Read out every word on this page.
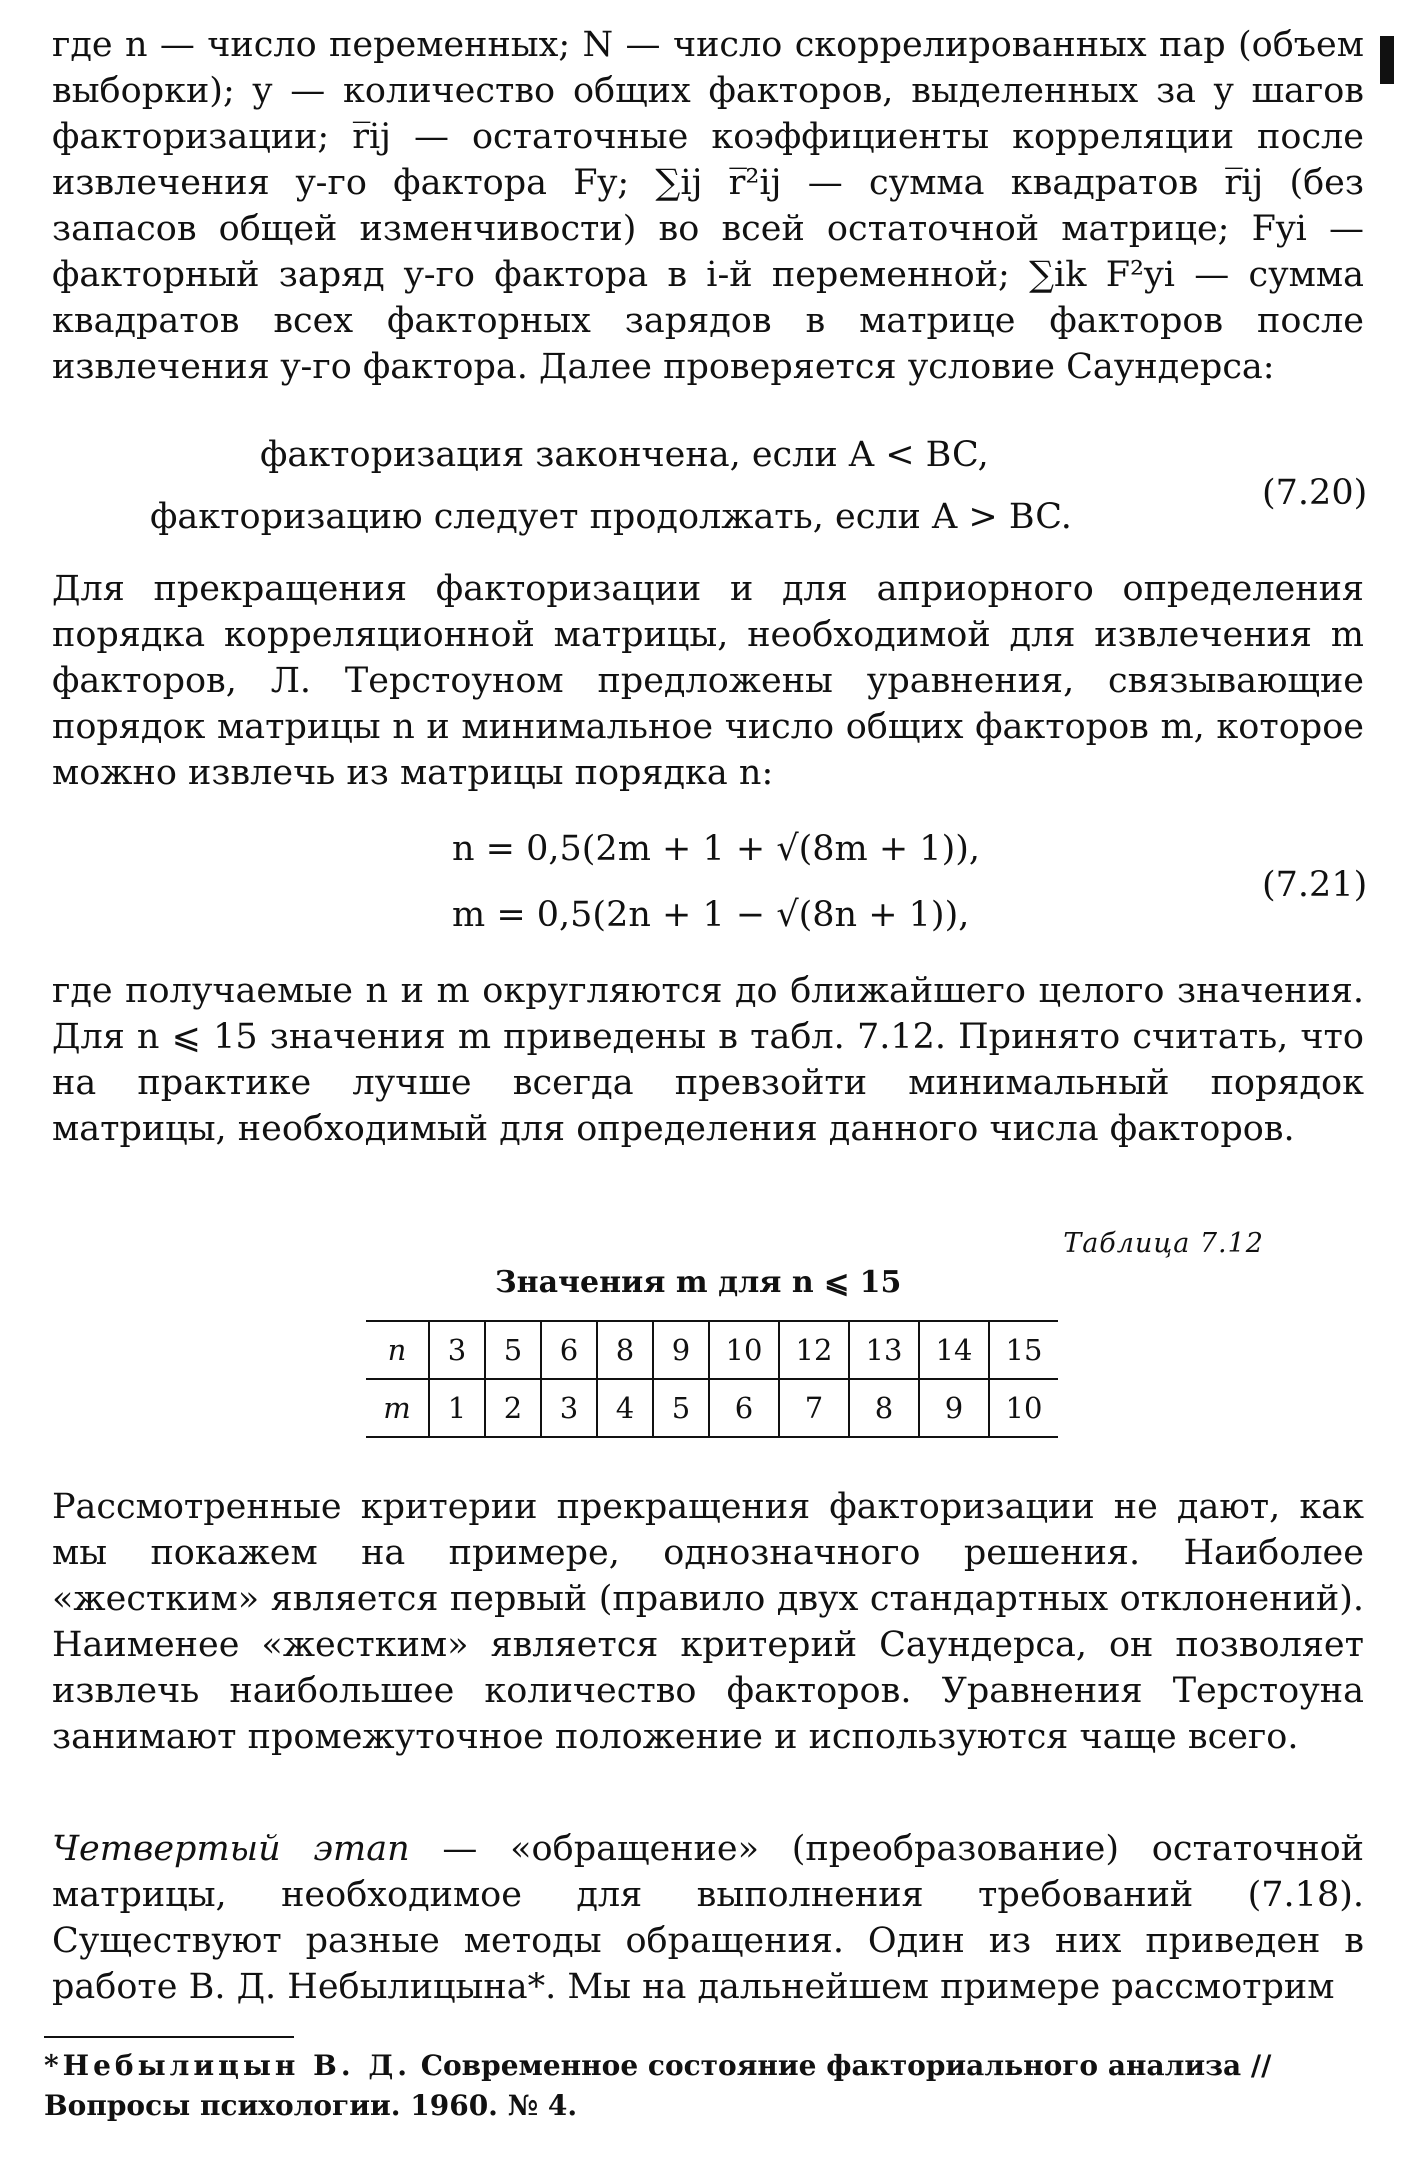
где n — число переменных; N — число скоррелированных пар (объем выборки); y — количество общих факторов, выделенных за y шагов факторизации; r̅ij — остаточные коэффициенты корреляции после извлечения y-го фактора Fy; ∑ij r̅²ij — сумма квадратов r̅ij (без запасов общей изменчивости) во всей остаточной матрице; Fyi — факторный заряд y-го фактора в i-й переменной; ∑ik F²yi — сумма квадратов всех факторных зарядов в матрице факторов после извлечения y-го фактора. Далее проверяется условие Саундерса:

факторизация закончена, если A < BC,
факторизацию следует продолжать, если A > BC.
(7.20)

Для прекращения факторизации и для априорного определения порядка корреляционной матрицы, необходимой для извлечения m факторов, Л. Терстоуном предложены уравнения, связывающие порядок матрицы n и минимальное число общих факторов m, которое можно извлечь из матрицы порядка n:

n = 0,5(2m + 1 + √(8m + 1)),
m = 0,5(2n + 1 − √(8n + 1)),
(7.21)

где получаемые n и m округляются до ближайшего целого значения. Для n ⩽ 15 значения m приведены в табл. 7.12. Принято считать, что на практике лучше всегда превзойти минимальный порядок матрицы, необходимый для определения данного числа факторов.

Таблица 7.12
Значения m для n ⩽ 15
n	3	5	6	8	9	10	12	13	14	15
m	1	2	3	4	5	6	7	8	9	10

Рассмотренные критерии прекращения факторизации не дают, как мы покажем на примере, однозначного решения. Наиболее «жестким» является первый (правило двух стандартных отклонений). Наименее «жестким» является критерий Саундерса, он позволяет извлечь наибольшее количество факторов. Уравнения Терстоуна занимают промежуточное положение и используются чаще всего.

Четвертый этап — «обращение» (преобразование) остаточной матрицы, необходимое для выполнения требований (7.18). Существуют разные методы обращения. Один из них приведен в работе В. Д. Небылицына*. Мы на дальнейшем примере рассмотрим

*Небылицын В. Д. Современное состояние факториального анализа // Вопросы психологии. 1960. № 4.
